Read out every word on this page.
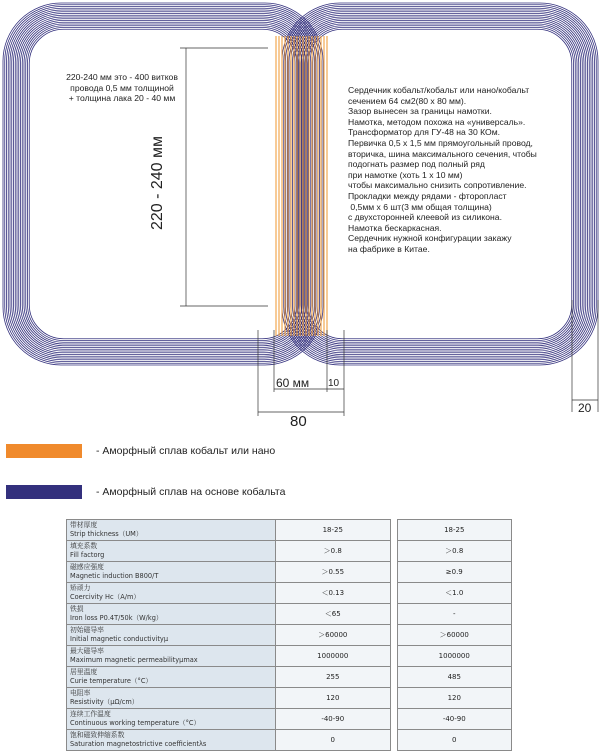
220-240 мм это - 400 витков
провода 0,5 мм толщиной
+ толщина лака 20 - 40 мм
220 - 240 мм
Сердечник кобальт/кобальт или нано/кобальт
сечением 64 см2(80 х 80 мм).
Зазор вынесен за границы намотки.
Намотка, методом похожа на «универсаль».
Трансформатор для ГУ-48 на 30 КОм.
Первичка 0,5 х 1,5 мм прямоугольный провод,
вторичка, шина максимального сечения, чтобы
подогнать размер под полный ряд
при намотке (хоть 1 х 10 мм)
чтобы максимально снизить сопротивление.
Прокладки между рядами - фторопласт
0,5мм х 6 шт(3 мм общая толщина)
с двухсторонней клеевой из силикона.
Намотка бескаркасная.
Сердечник нужной конфигурации закажу
на фабрике в Китае.
60 мм 10
80
20
- Аморфный сплав кобальт или нано
- Аморфный сплав на основе кобальта
带材厚度
Strip thickness（UM）	18-25		18-25

填充系数
Fill factorg	＞0.8		＞0.8

磁感应强度
Magnetic induction B800/T	＞0.55		≥0.9

矫顽力
Coercivity Hc（A/m）	＜0.13		＜1.0

铁损
Iron loss P0.4T/50k（W/kg）	＜65		-

初始磁导率
Initial magnetic conductivityμ	＞60000		＞60000

最大磁导率
Maximum magnetic permeabilityμmax	1000000		1000000

居里温度
Curie temperature（°C）	255		485

电阻率
Resistivity（μΩ/cm）	120		120

连续工作温度
Continuous working temperature（°C）	-40-90		-40-90

饱和磁致伸缩系数
Saturation magnetostrictive coefficientλs	0		0
